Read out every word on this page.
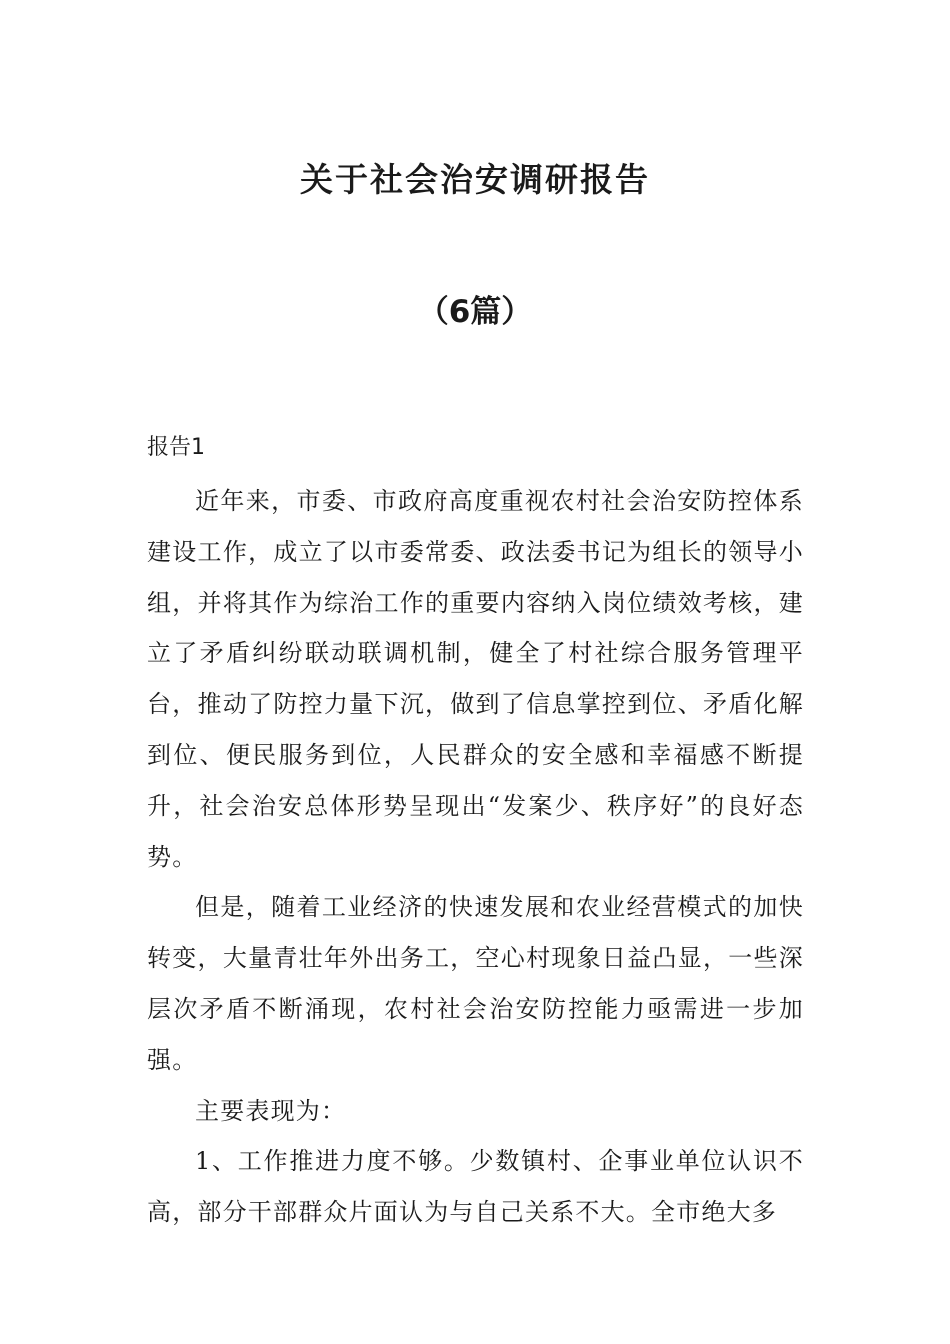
关于社会治安调研报告
（6篇）
报告1

近年来，市委、市政府高度重视农村社会治安防控体系建设工作，成立了以市委常委、政法委书记为组长的领导小组，并将其作为综治工作的重要内容纳入岗位绩效考核，建立了矛盾纠纷联动联调机制，健全了村社综合服务管理平台，推动了防控力量下沉，做到了信息掌控到位、矛盾化解到位、便民服务到位，人民群众的安全感和幸福感不断提升，社会治安总体形势呈现出“发案少、秩序好”的良好态势。

但是，随着工业经济的快速发展和农业经营模式的加快转变，大量青壮年外出务工，空心村现象日益凸显，一些深层次矛盾不断涌现，农村社会治安防控能力亟需进一步加强。

主要表现为：

1、工作推进力度不够。少数镇村、企事业单位认识不高，部分干部群众片面认为与自己关系不大。全市绝大多
